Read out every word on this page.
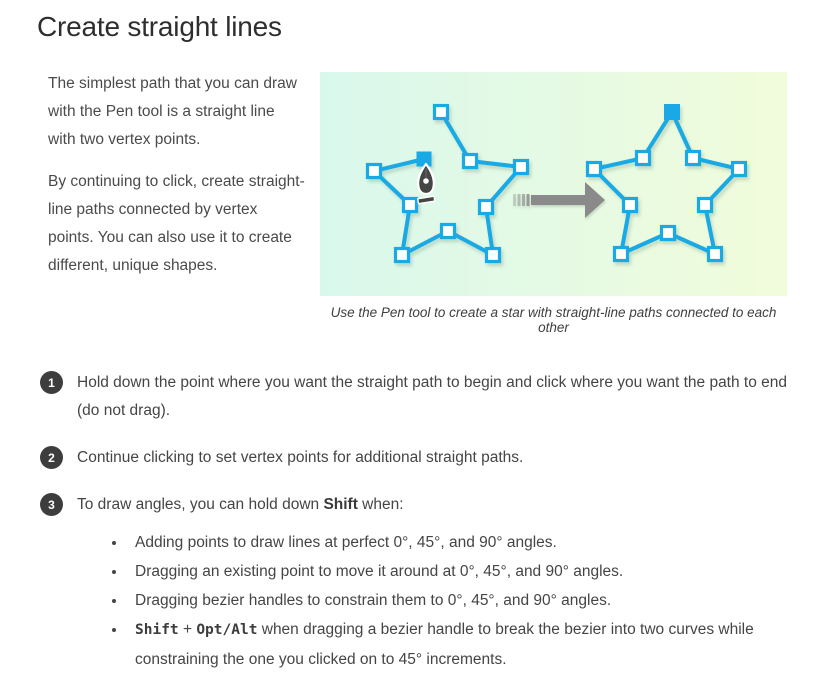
Create straight lines

The simplest path that you can draw with the Pen tool is a straight line with two vertex points.

By continuing to click, create straight-line paths connected by vertex points. You can also use it to create different, unique shapes.

Use the Pen tool to create a star with straight-line paths connected to each other
1	Hold down the point where you want the straight path to begin and click where you want the path to end (do not drag).

2	Continue clicking to set vertex points for additional straight paths.

3	To draw angles, you can hold down Shift when:

• Adding points to draw lines at perfect 0°, 45°, and 90° angles.
• Dragging an existing point to move it around at 0°, 45°, and 90° angles.
• Dragging bezier handles to constrain them to 0°, 45°, and 90° angles.
• Shift + Opt/Alt when dragging a bezier handle to break the bezier into two curves while constraining the one you clicked on to 45° increments.
